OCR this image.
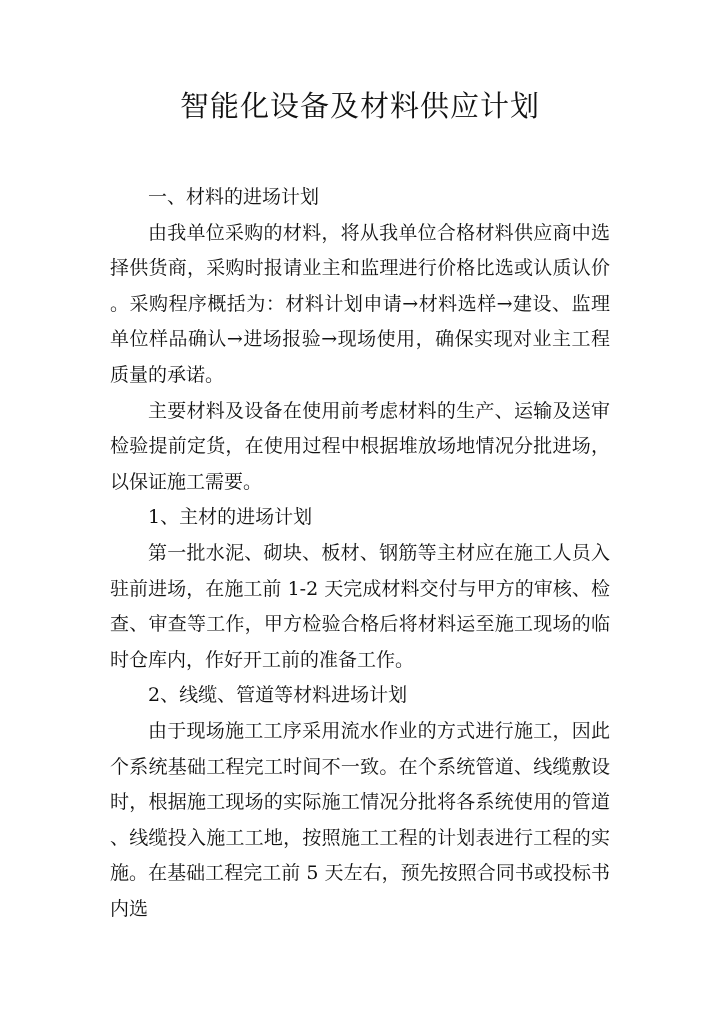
智能化设备及材料供应计划

一、材料的进场计划

由我单位采购的材料，将从我单位合格材料供应商中选择供货商，采购时报请业主和监理进行价格比选或认质认价。采购程序概括为：材料计划申请→材料选样→建设、监理单位样品确认→进场报验→现场使用，确保实现对业主工程质量的承诺。

主要材料及设备在使用前考虑材料的生产、运输及送审检验提前定货，在使用过程中根据堆放场地情况分批进场，以保证施工需要。

1、主材的进场计划

第一批水泥、砌块、板材、钢筋等主材应在施工人员入驻前进场，在施工前 1-2 天完成材料交付与甲方的审核、检查、审查等工作，甲方检验合格后将材料运至施工现场的临时仓库内，作好开工前的准备工作。

2、线缆、管道等材料进场计划

由于现场施工工序采用流水作业的方式进行施工，因此个系统基础工程完工时间不一致。在个系统管道、线缆敷设时，根据施工现场的实际施工情况分批将各系统使用的管道、线缆投入施工工地，按照施工工程的计划表进行工程的实施。在基础工程完工前 5 天左右，预先按照合同书或投标书内选
